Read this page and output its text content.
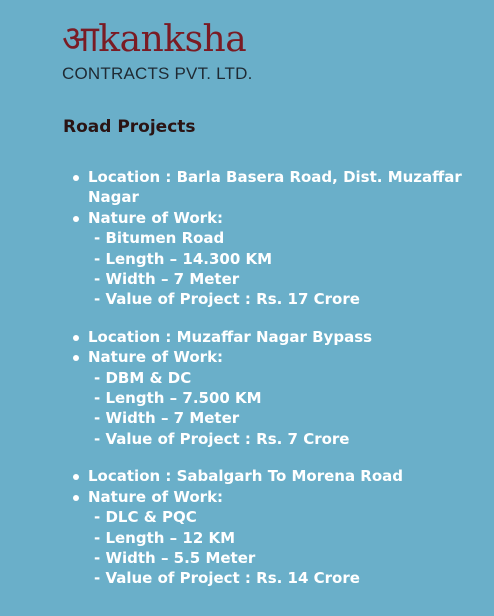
आkanksha
CONTRACTS PVT. LTD.
Road Projects
Location : Barla Basera Road, Dist. Muzaffar Nagar
Nature of Work:
- Bitumen Road
- Length – 14.300 KM
- Width – 7 Meter
- Value of Project : Rs. 17 Crore
Location : Muzaffar Nagar Bypass
Nature of Work:
- DBM & DC
- Length – 7.500 KM
- Width – 7 Meter
- Value of Project : Rs. 7 Crore
Location : Sabalgarh To Morena Road
Nature of Work:
- DLC & PQC
- Length – 12 KM
- Width – 5.5 Meter
- Value of Project : Rs. 14 Crore
